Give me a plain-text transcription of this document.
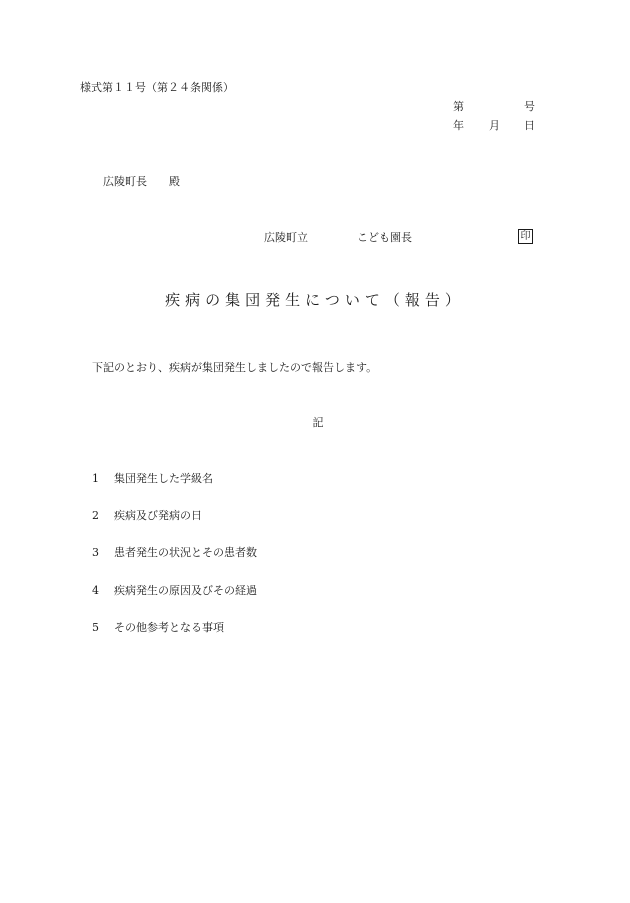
様式第１１号（第２４条関係）
第	号
年 月 日
広陵町長 殿
広陵町立	こども園長	印
疾病の集団発生について（報告）
下記のとおり、疾病が集団発生しましたので報告します。
記
1 集団発生した学級名
2 疾病及び発病の日
3 患者発生の状況とその患者数
4 疾病発生の原因及びその経過
5 その他参考となる事項
